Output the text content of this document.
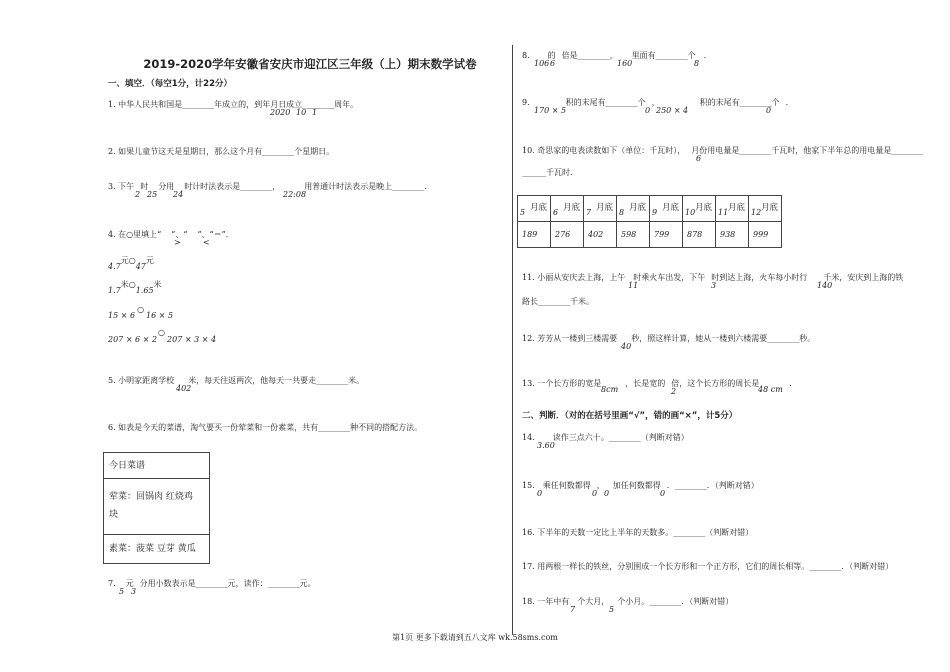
2019-2020学年安徽省安庆市迎江区三年级（上）期末数学试卷
一、填空．（每空1分，计22分）
1. 中华人民共和国是________年成立的，到年月日成立________周年。
2020 10 1
2. 如果儿童节这天是星期日，那么这个月有________个星期日。
3. 下午 时 分用 时计时法表示是________，	用普通计时法表示是晚上________．
2 25 24	22:08
4. 在○里填上“ ”、“ ”、“＝”．
>	<
4.7元○47元
1.7米○1.65米
15 × 6○16 × 5
207 × 6 × 2○207 × 3 × 4
5. 小明家距离学校 米，每天往返两次，他每天一共要走________米。
402
6. 如表是今天的菜谱，淘气要买一份荤菜和一份素菜，共有________种不同的搭配方法。
今日菜谱
荤菜：回锅肉 红烧鸡
块
素菜：菠菜 豆芽 黄瓜
7. 元 分用小数表示是________元，读作：________元。
5 3
8. 的 倍是________， 里面有________个 .
106 6	160	8
9.	积的末尾有________个 ，	积的末尾有________个 .
170 × 5	0 250 × 4	0
10. 奇思家的电表读数如下（单位：千瓦时）， 月份用电量是________千瓦时，他家下半年总的用电量是________
6
______千瓦时．
5 月底	6 月底	7 月底	8 月底	9 月底	10 月底	11 月底	12 月底

189	276	402	598	799	878	938	999
11. 小丽从安庆去上海，上午 时乘火车出发，下午 时到达上海，火车每小时行 千米，安庆到上海的铁
11	3	140
路长________千米。
12. 芳芳从一楼到三楼需要 秒，照这样计算，她从一楼到六楼需要________秒。
40
13. 一个长方形的宽是	，长是宽的 倍，这个长方形的周长是	．
8cm	2	48 cm
二、判断．（对的在括号里画“√”，错的画“×”，计5分）
14. 读作三点六十。________（判断对错）
3.60
15. 乘任何数都得 ， 加任何数都得 ．________．（判断对错）
0	0 0	0
16. 下半年的天数一定比上半年的天数多。________（判断对错）
17. 用两根一样长的铁丝，分别围成一个长方形和一个正方形，它们的周长相等。________．（判断对错）
18. 一年中有 个大月， 个小月。________．（判断对错）
7	5
第1页 更多下载请到五八文库 wk.58sms.com
